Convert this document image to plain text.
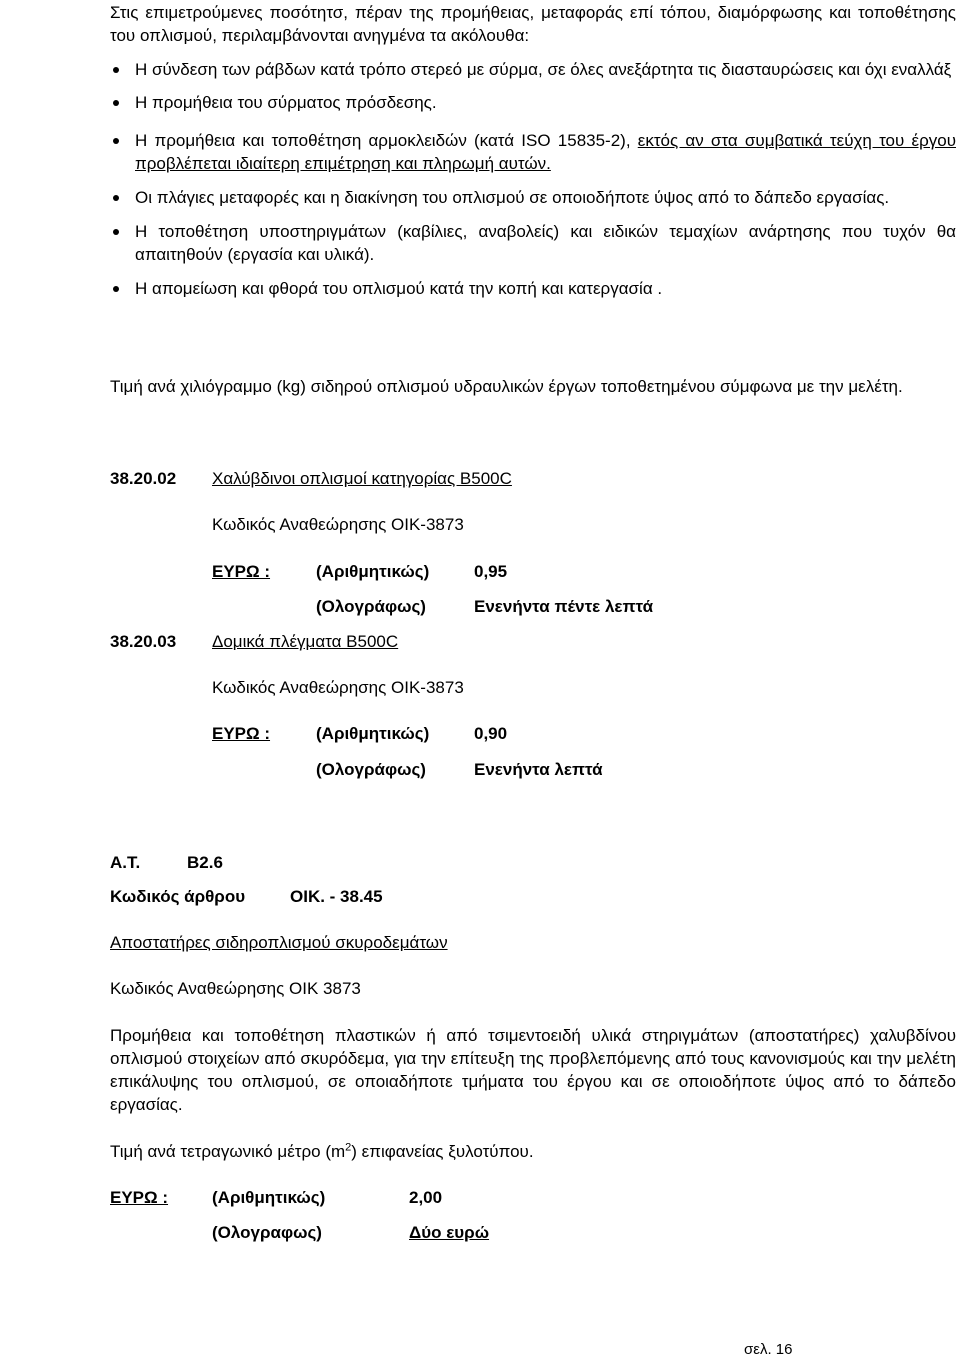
Στις επιμετρούμενες ποσότητσ, πέραν της προμήθειας, μεταφοράς επί τόπου, διαμόρφωσης και τοποθέτησης του οπλισμού, περιλαμβάνονται ανηγμένα τα ακόλουθα:
Η σύνδεση των ράβδων κατά τρόπο στερεό με σύρμα, σε όλες ανεξάρτητα τις διασταυρώσεις και όχι εναλλάξ
Η προμήθεια του σύρματος πρόσδεσης.
Η προμήθεια και τοποθέτηση αρμοκλειδών (κατά ISO 15835-2), εκτός αν στα συμβατικά τεύχη του έργου προβλέπεται ιδιαίτερη επιμέτρηση και πληρωμή αυτών.
Οι πλάγιες μεταφορές και η διακίνηση του οπλισμού σε οποιοδήποτε ύψος από το δάπεδο εργασίας.
Η τοποθέτηση υποστηριγμάτων (καβίλιες, αναβολείς) και ειδικών τεμαχίων ανάρτησης που τυχόν θα απαιτηθούν (εργασία και υλικά).
Η απομείωση και φθορά του οπλισμού κατά την κοπή και κατεργασία .
Τιμή ανά χιλιόγραμμο (kg) σιδηρού οπλισμού υδραυλικών έργων τοποθετημένου σύμφωνα με την μελέτη.
38.20.02 Χαλύβδινοι οπλισμοί κατηγορίας Β500C
Κωδικός Αναθεώρησης ΟΙΚ-3873
ΕΥΡΩ :	(Αριθμητικώς)	0,95
(Ολογράφως)	Ενενήντα πέντε λεπτά
38.20.03 Δομικά πλέγματα Β500C
Κωδικός Αναθεώρησης ΟΙΚ-3873
ΕΥΡΩ :	(Αριθμητικώς)	0,90
(Ολογράφως)	Ενενήντα λεπτά
Α.Τ.	Β2.6
Κωδικός άρθρου	ΟΙΚ. - 38.45
Αποστατήρες σιδηροπλισμού σκυροδεμάτων
Κωδικός Αναθεώρησης ΟΙΚ 3873
Προμήθεια και τοποθέτηση πλαστικών ή από τσιμεντοειδή υλικά στηριγμάτων (αποστατήρες) χαλυβδίνου οπλισμού στοιχείων από σκυρόδεμα, για την επίτευξη της προβλεπόμενης από τους κανονισμούς και την μελέτη επικάλυψης του οπλισμού, σε οποιαδήποτε τμήματα του έργου και σε οποιοδήποτε ύψος από το δάπεδο εργασίας.
Τιμή ανά τετραγωνικό μέτρο $(m^2)$ επιφανείας ξυλοτύπου.
ΕΥΡΩ :	(Αριθμητικώς)	2,00
(Ολογραφως)	Δύο ευρώ
σελ. 16
